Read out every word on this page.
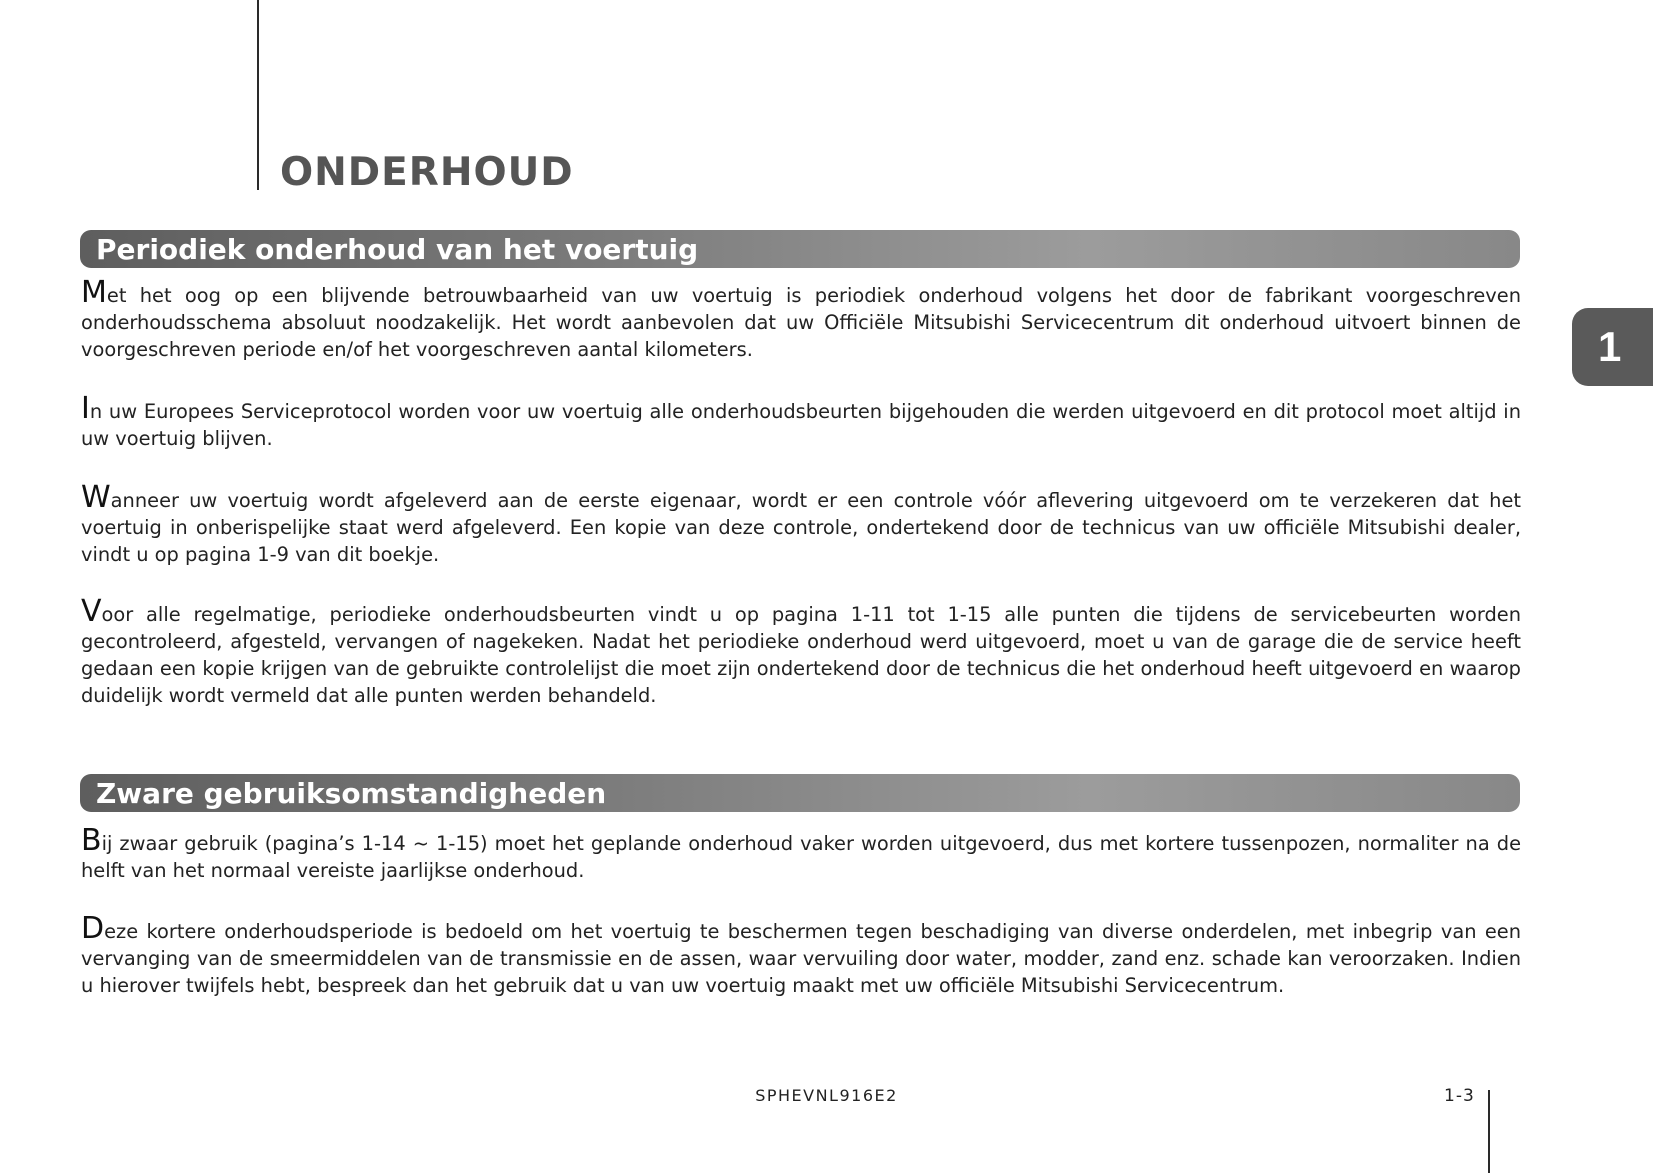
ONDERHOUD
1
Periodiek onderhoud van het voertuig

Met het oog op een blijvende betrouwbaarheid van uw voertuig is periodiek onderhoud volgens het door de fabrikant voorgeschreven onderhoudsschema absoluut noodzakelijk. Het wordt aanbevolen dat uw Officiële Mitsubishi Servicecentrum dit onderhoud uitvoert binnen de voorgeschreven periode en/of het voorgeschreven aantal kilometers.

In uw Europees Serviceprotocol worden voor uw voertuig alle onderhoudsbeurten bijgehouden die werden uitgevoerd en dit protocol moet altijd in uw voertuig blijven.

Wanneer uw voertuig wordt afgeleverd aan de eerste eigenaar, wordt er een controle vóór aflevering uitgevoerd om te verzekeren dat het voertuig in onberispelijke staat werd afgeleverd. Een kopie van deze controle, ondertekend door de technicus van uw officiële Mitsubishi dealer, vindt u op pagina 1-9 van dit boekje.

Voor alle regelmatige, periodieke onderhoudsbeurten vindt u op pagina 1-11 tot 1-15 alle punten die tijdens de servicebeurten worden gecontroleerd, afgesteld, vervangen of nagekeken. Nadat het periodieke onderhoud werd uitgevoerd, moet u van de garage die de service heeft gedaan een kopie krijgen van de gebruikte controlelijst die moet zijn ondertekend door de technicus die het onderhoud heeft uitgevoerd en waarop duidelijk wordt vermeld dat alle punten werden behandeld.

Zware gebruiksomstandigheden

Bij zwaar gebruik (pagina’s 1-14 ~ 1-15) moet het geplande onderhoud vaker worden uitgevoerd, dus met kortere tussenpozen, normaliter na de helft van het normaal vereiste jaarlijkse onderhoud.

Deze kortere onderhoudsperiode is bedoeld om het voertuig te beschermen tegen beschadiging van diverse onderdelen, met inbegrip van een vervanging van de smeermiddelen van de transmissie en de assen, waar vervuiling door water, modder, zand enz. schade kan veroorzaken. Indien u hierover twijfels hebt, bespreek dan het gebruik dat u van uw voertuig maakt met uw officiële Mitsubishi Servicecentrum.

SPHEVNL916E2	1-3
